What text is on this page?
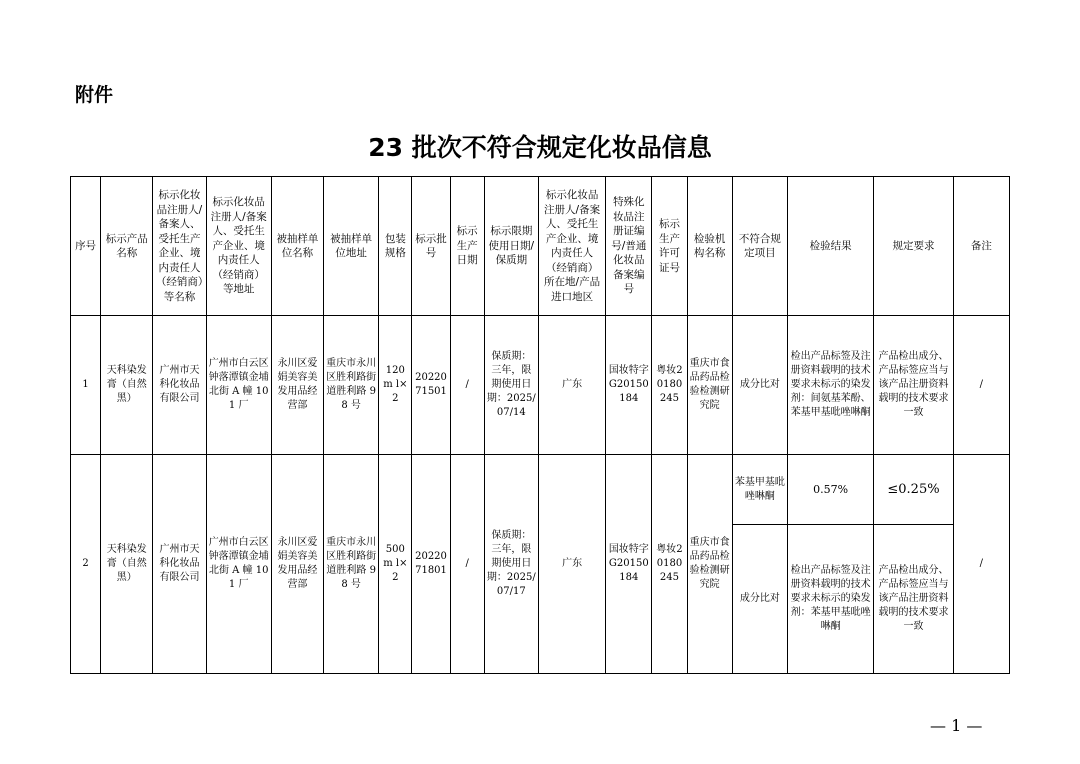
附件
23 批次不符合规定化妆品信息
序号	标示产品名称	标示化妆品注册人/备案人、受托生产企业、境内责任人（经销商）等名称	标示化妆品注册人/备案人、受托生产企业、境内责任人（经销商）等地址	被抽样单位名称	被抽样单位地址	包装规格	标示批号	标示生产日期	标示限期使用日期/保质期	标示化妆品注册人/备案人、受托生产企业、境内责任人（经销商）所在地/产品进口地区	特殊化妆品注册证编号/普通化妆品备案编号	标示生产许可证号	检验机构名称	不符合规定项目	检验结果	规定要求	备注
1	天科染发膏（自然黑）	广州市天科化妆品有限公司	广州市白云区钟落潭镇金埔北街 A 幢 101 厂	永川区爱娟美容美发用品经营部	重庆市永川区胜利路街道胜利路 98 号	120m l×2	2022071501	/	保质期：三年，限期使用日期：2025/07/14	广东	国妆特字G20150184	粤妆20180245	重庆市食品药品检验检测研究院	成分比对	检出产品标签及注册资料载明的技术要求未标示的染发剂：间氨基苯酚、苯基甲基吡唑啉酮	产品检出成分、产品标签应当与该产品注册资料载明的技术要求一致	/
2	天科染发膏（自然黑）	广州市天科化妆品有限公司	广州市白云区钟落潭镇金埔北街 A 幢 101 厂	永川区爱娟美容美发用品经营部	重庆市永川区胜利路街道胜利路 98 号	500m l×2	2022071801	/	保质期：三年，限期使用日期：2025/07/17	广东	国妆特字G20150184	粤妆20180245	重庆市食品药品检验检测研究院	苯基甲基吡唑啉酮	0.57%	≤0.25%	/
														成分比对	检出产品标签及注册资料载明的技术要求未标示的染发剂：苯基甲基吡唑啉酮	产品检出成分、产品标签应当与该产品注册资料载明的技术要求一致	
— 1 —
